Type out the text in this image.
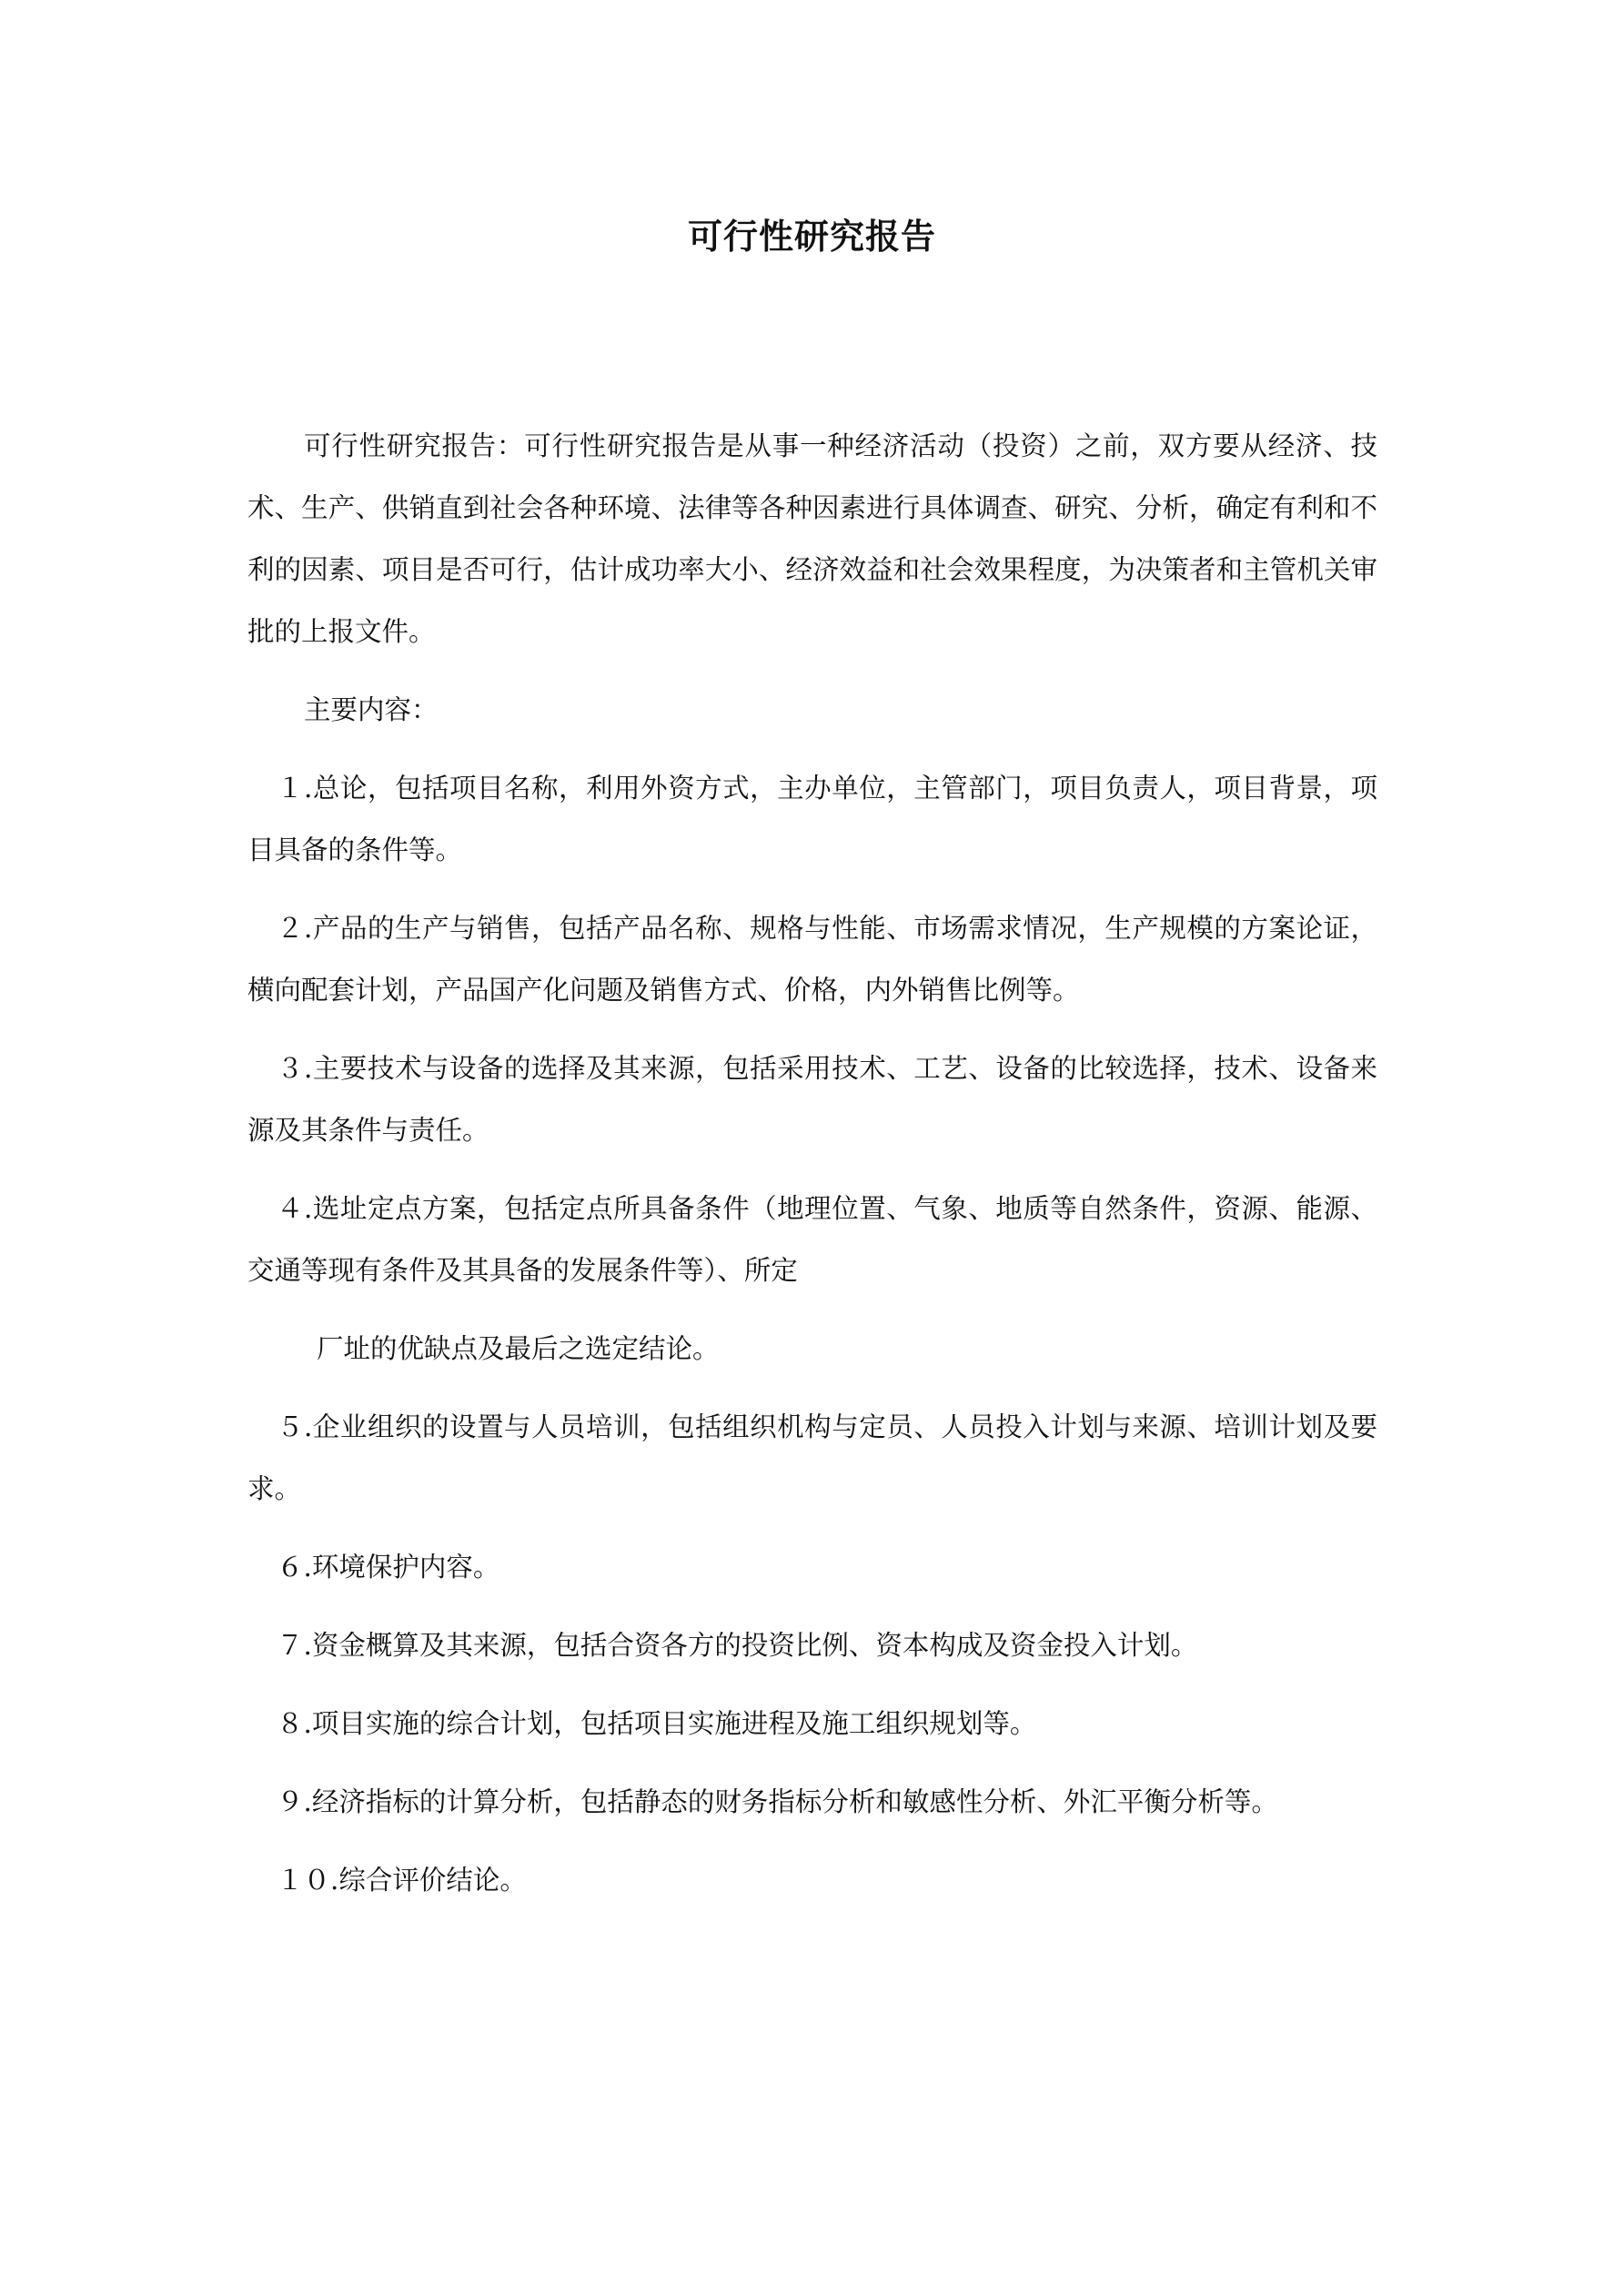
可行性研究报告

可行性研究报告：可行性研究报告是从事一种经济活动（投资）之前，双方要从经济、技术、生产、供销直到社会各种环境、法律等各种因素进行具体调查、研究、分析，确定有利和不利的因素、项目是否可行，估计成功率大小、经济效益和社会效果程度，为决策者和主管机关审批的上报文件。

主要内容：

１.总论，包括项目名称，利用外资方式，主办单位，主管部门，项目负责人，项目背景，项目具备的条件等。

２.产品的生产与销售，包括产品名称、规格与性能、市场需求情况，生产规模的方案论证，横向配套计划，产品国产化问题及销售方式、价格，内外销售比例等。

３.主要技术与设备的选择及其来源，包括采用技术、工艺、设备的比较选择，技术、设备来源及其条件与责任。

４.选址定点方案，包括定点所具备条件（地理位置、气象、地质等自然条件，资源、能源、交通等现有条件及其具备的发展条件等）、所定

厂址的优缺点及最后之选定结论。

５.企业组织的设置与人员培训，包括组织机构与定员、人员投入计划与来源、培训计划及要求。

６.环境保护内容。

７.资金概算及其来源，包括合资各方的投资比例、资本构成及资金投入计划。

８.项目实施的综合计划，包括项目实施进程及施工组织规划等。

９.经济指标的计算分析，包括静态的财务指标分析和敏感性分析、外汇平衡分析等。

１０.综合评价结论。
